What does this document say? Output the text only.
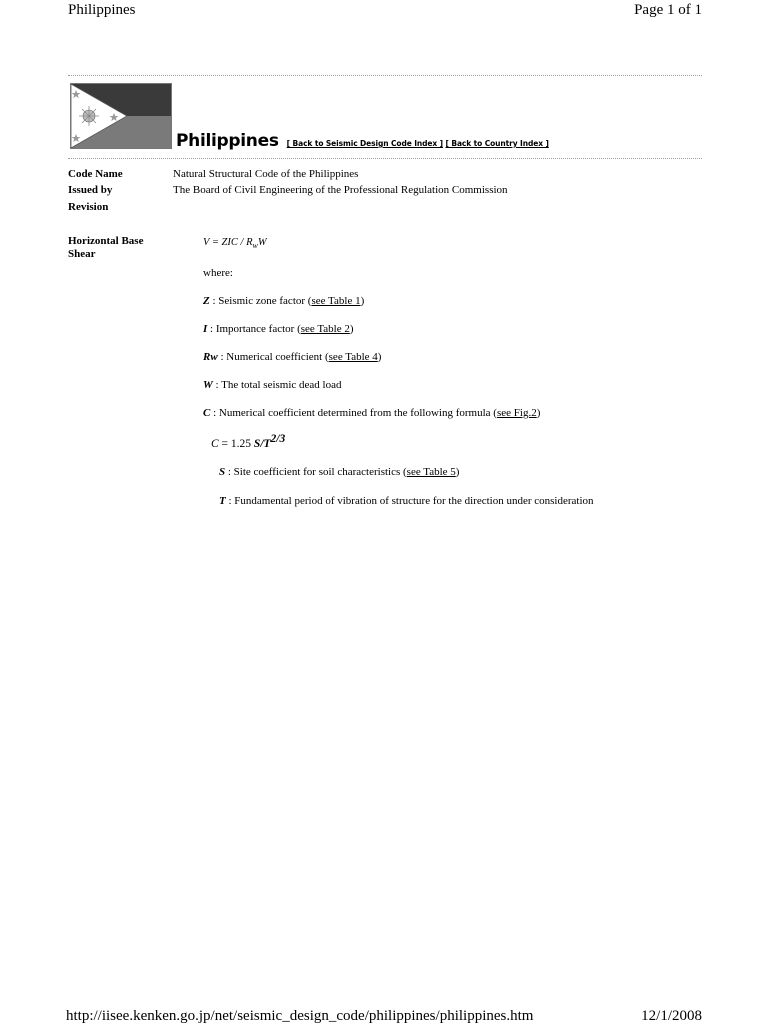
Philippines	Page 1 of 1
Philippines [ Back to Seismic Design Code Index ] [ Back to Country Index ]
Code Name	Natural Structural Code of the Philippines
Issued by	The Board of Civil Engineering of the Professional Regulation Commission
Revision
Horizontal Base
Shear
V = ZIC / $R_wW$
where:
Z : Seismic zone factor (see Table 1)
I : Importance factor (see Table 2)
Rw : Numerical coefficient (see Table 4)
W : The total seismic dead load
C : Numerical coefficient determined from the following formula (see Fig.2)
C = 1.25 $S/T^{2/3}$
S : Site coefficient for soil characteristics (see Table 5)
T : Fundamental period of vibration of structure for the direction under consideration
http://iisee.kenken.go.jp/net/seismic_design_code/philippines/philippines.htm	12/1/2008
